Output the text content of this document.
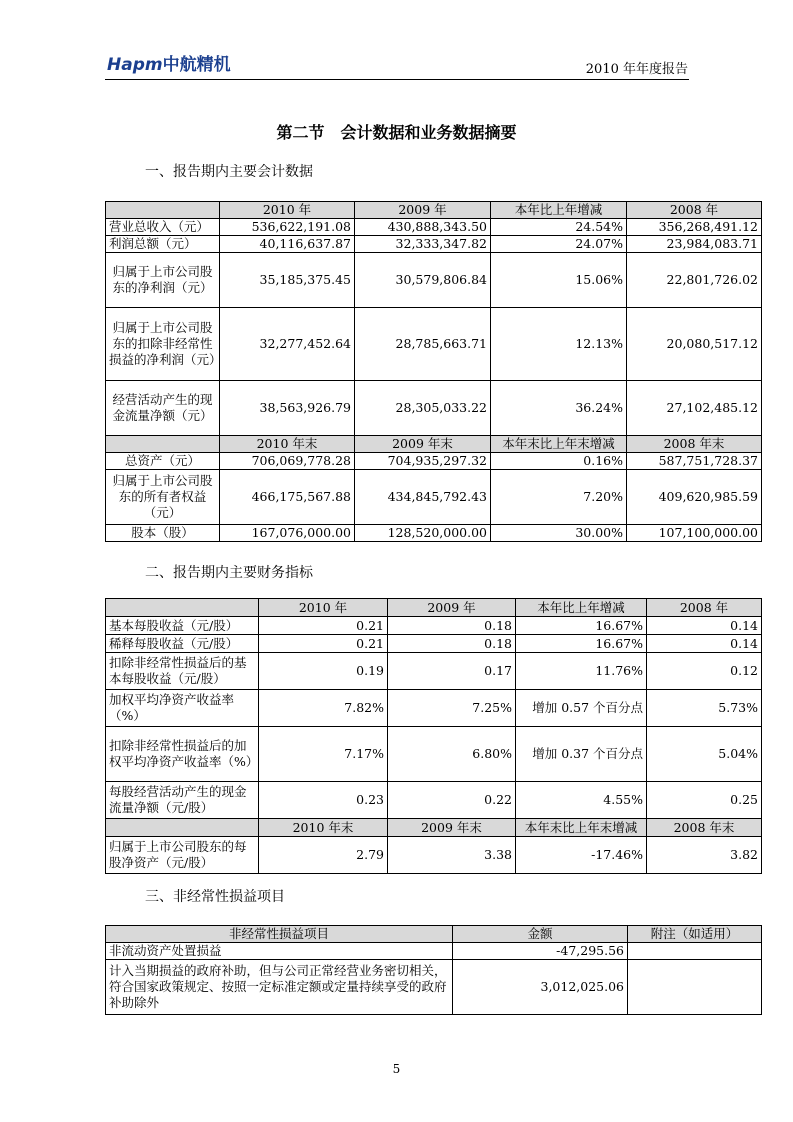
Hapm中航精机	2010 年年度报告
第二节　会计数据和业务数据摘要
一、报告期内主要会计数据
	2010 年	2009 年	本年比上年增减	2008 年
营业总收入（元）	536,622,191.08	430,888,343.50	24.54%	356,268,491.12
利润总额（元）	40,116,637.87	32,333,347.82	24.07%	23,984,083.71
归属于上市公司股东的净利润（元）	35,185,375.45	30,579,806.84	15.06%	22,801,726.02
归属于上市公司股东的扣除非经常性损益的净利润（元）	32,277,452.64	28,785,663.71	12.13%	20,080,517.12
经营活动产生的现金流量净额（元）	38,563,926.79	28,305,033.22	36.24%	27,102,485.12
	2010 年末	2009 年末	本年末比上年末增减	2008 年末
总资产（元）	706,069,778.28	704,935,297.32	0.16%	587,751,728.37
归属于上市公司股东的所有者权益（元）	466,175,567.88	434,845,792.43	7.20%	409,620,985.59
股本（股）	167,076,000.00	128,520,000.00	30.00%	107,100,000.00
二、报告期内主要财务指标
	2010 年	2009 年	本年比上年增减	2008 年
基本每股收益（元/股）	0.21	0.18	16.67%	0.14
稀释每股收益（元/股）	0.21	0.18	16.67%	0.14
扣除非经常性损益后的基本每股收益（元/股）	0.19	0.17	11.76%	0.12
加权平均净资产收益率（%）	7.82%	7.25%	增加 0.57 个百分点	5.73%
扣除非经常性损益后的加权平均净资产收益率（%）	7.17%	6.80%	增加 0.37 个百分点	5.04%
每股经营活动产生的现金流量净额（元/股）	0.23	0.22	4.55%	0.25
	2010 年末	2009 年末	本年末比上年末增减	2008 年末
归属于上市公司股东的每股净资产（元/股）	2.79	3.38	-17.46%	3.82
三、非经常性损益项目
非经常性损益项目	金额	附注（如适用）
非流动资产处置损益	-47,295.56	
计入当期损益的政府补助，但与公司正常经营业务密切相关，符合国家政策规定、按照一定标准定额或定量持续享受的政府补助除外	3,012,025.06	
5
